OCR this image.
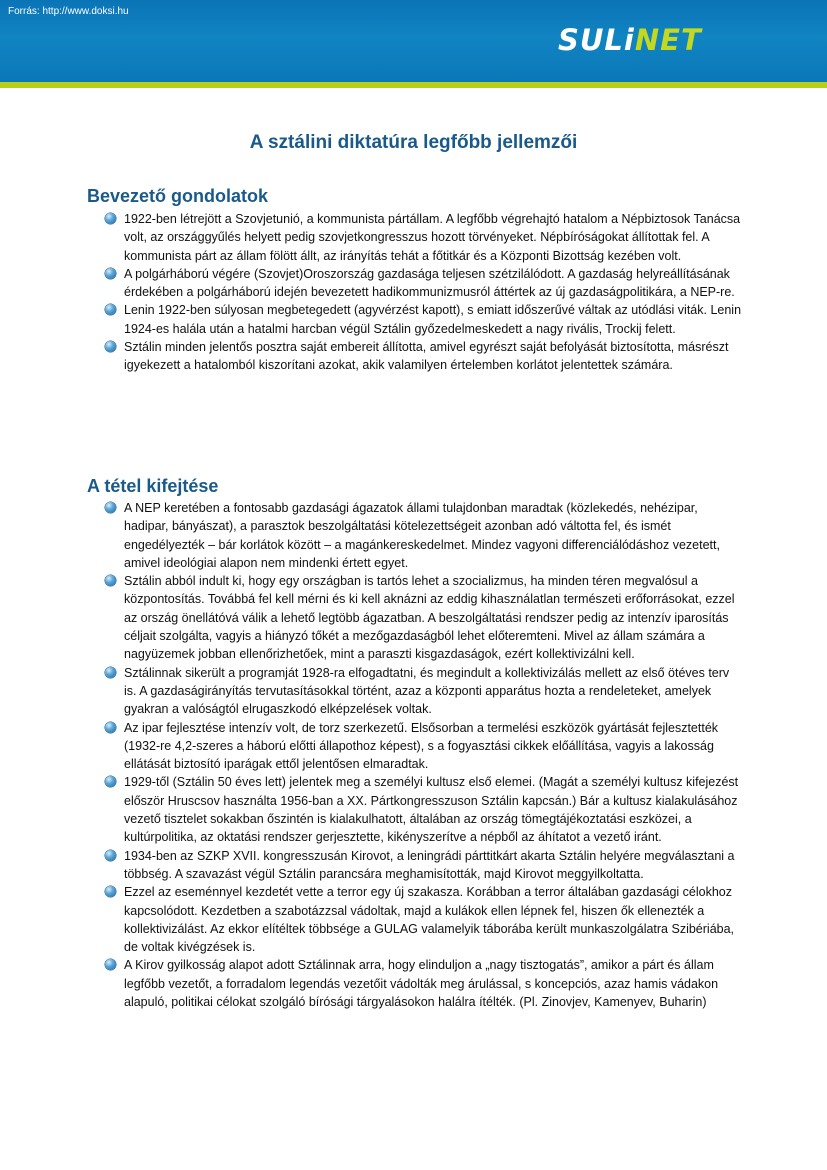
Forrás: http://www.doksi.hu
SULiNET
A sztálini diktatúra legfőbb jellemzői
Bevezető gondolatok
1922-ben létrejött a Szovjetunió, a kommunista pártállam. A legfőbb végrehajtó hatalom a Népbiztosok Tanácsa volt, az országgyűlés helyett pedig szovjetkongresszus hozott törvényeket. Népbíróságokat állítottak fel. A kommunista párt az állam fölött állt, az irányítás tehát a főtitkár és a Központi Bizottság kezében volt.
A polgárháború végére (Szovjet)Oroszország gazdasága teljesen szétzilálódott. A gazdaság helyreállításának érdekében a polgárháború idején bevezetett hadikommunizmusról áttértek az új gazdaságpolitikára, a NEP-re.
Lenin 1922-ben súlyosan megbetegedett (agyvérzést kapott), s emiatt időszerűvé váltak az utódlási viták. Lenin 1924-es halála után a hatalmi harcban végül Sztálin győzedelmeskedett a nagy rivális, Trockij felett.
Sztálin minden jelentős posztra saját embereit állította, amivel egyrészt saját befolyását biztosította, másrészt igyekezett a hatalomból kiszorítani azokat, akik valamilyen értelemben korlátot jelentettek számára.
A tétel kifejtése
A NEP keretében a fontosabb gazdasági ágazatok állami tulajdonban maradtak (közlekedés, nehézipar, hadipar, bányászat), a parasztok beszolgáltatási kötelezettségeit azonban adó váltotta fel, és ismét engedélyezték – bár korlátok között – a magánkereskedelmet. Mindez vagyoni differenciálódáshoz vezetett, amivel ideológiai alapon nem mindenki értett egyet.
Sztálin abból indult ki, hogy egy országban is tartós lehet a szocializmus, ha minden téren megvalósul a központosítás. Továbbá fel kell mérni és ki kell aknázni az eddig kihasználatlan természeti erőforrásokat, ezzel az ország önellátóvá válik a lehető legtöbb ágazatban. A beszolgáltatási rendszer pedig az intenzív iparosítás céljait szolgálta, vagyis a hiányzó tőkét a mezőgazdaságból lehet előteremteni. Mivel az állam számára a nagyüzemek jobban ellenőrizhetőek, mint a paraszti kisgazdaságok, ezért kollektivizálni kell.
Sztálinnak sikerült a programját 1928-ra elfogadtatni, és megindult a kollektivizálás mellett az első ötéves terv is. A gazdaságirányítás tervutasításokkal történt, azaz a központi apparátus hozta a rendeleteket, amelyek gyakran a valóságtól elrugaszkodó elképzelések voltak.
Az ipar fejlesztése intenzív volt, de torz szerkezetű. Elsősorban a termelési eszközök gyártását fejlesztették (1932-re 4,2-szeres a háború előtti állapothoz képest), s a fogyasztási cikkek előállítása, vagyis a lakosság ellátását biztosító iparágak ettől jelentősen elmaradtak.
1929-től (Sztálin 50 éves lett) jelentek meg a személyi kultusz első elemei. (Magát a személyi kultusz kifejezést először Hruscsov használta 1956-ban a XX. Pártkongresszuson Sztálin kapcsán.) Bár a kultusz kialakulásához vezető tisztelet sokakban őszintén is kialakulhatott, általában az ország tömegtájékoztatási eszközei, a kultúrpolitika, az oktatási rendszer gerjesztette, kikényszerítve a népből az áhítatot a vezető iránt.
1934-ben az SZKP XVII. kongresszusán Kirovot, a leningrádi párttitkárt akarta Sztálin helyére megválasztani a többség. A szavazást végül Sztálin parancsára meghamisították, majd Kirovot meggyilkoltatta.
Ezzel az eseménnyel kezdetét vette a terror egy új szakasza. Korábban a terror általában gazdasági célokhoz kapcsolódott. Kezdetben a szabotázzsal vádoltak, majd a kulákok ellen lépnek fel, hiszen ők ellenezték a kollektivizálást. Az ekkor elítéltek többsége a GULAG valamelyik táborába került munkaszolgálatra Szibériába, de voltak kivégzések is.
A Kirov gyilkosság alapot adott Sztálinnak arra, hogy elinduljon a „nagy tisztogatás”, amikor a párt és állam legfőbb vezetőt, a forradalom legendás vezetőit vádolták meg árulással, s koncepciós, azaz hamis vádakon alapuló, politikai célokat szolgáló bírósági tárgyalásokon halálra ítélték. (Pl. Zinovjev, Kamenyev, Buharin)
